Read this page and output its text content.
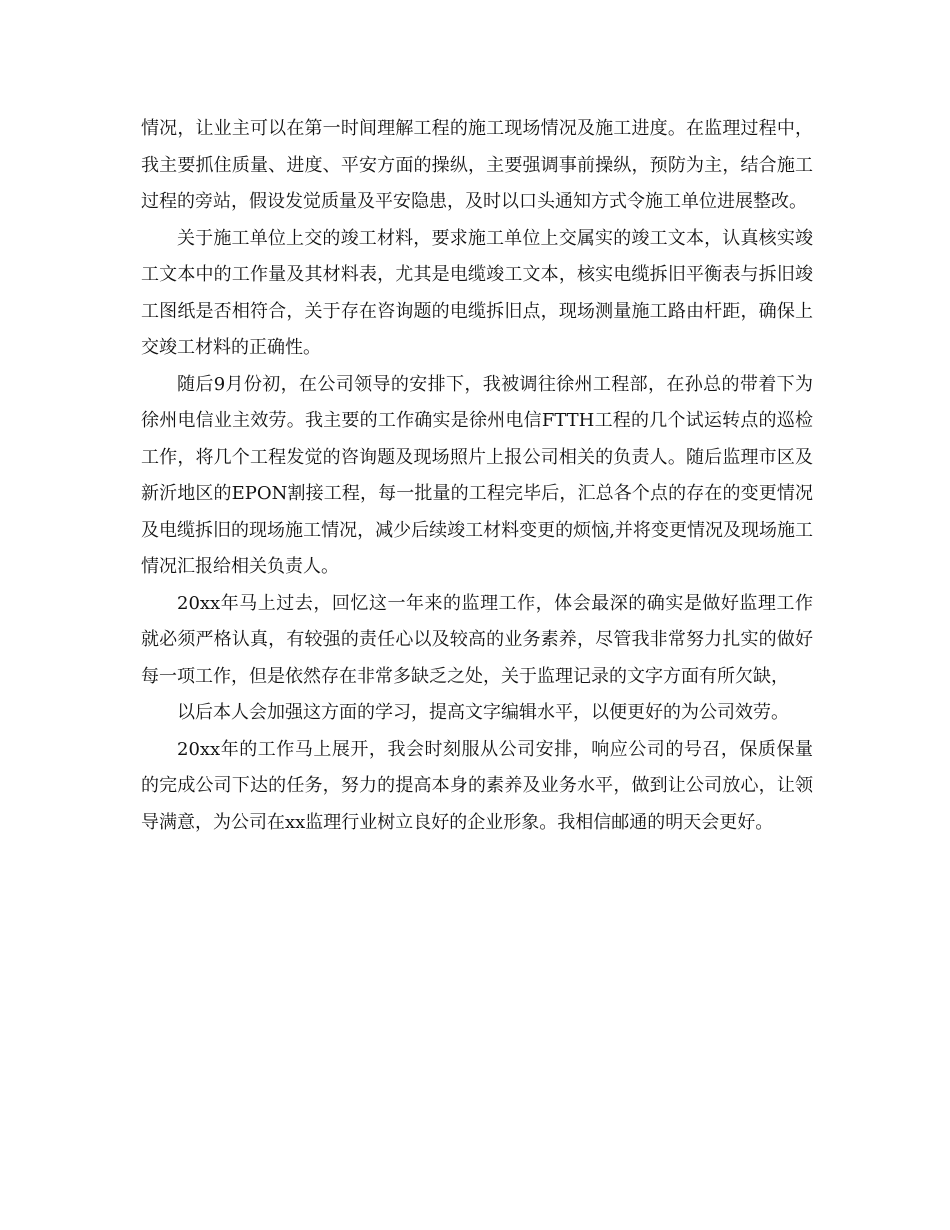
情况，让业主可以在第一时间理解工程的施工现场情况及施工进度。在监理过程中，我主要抓住质量、进度、平安方面的操纵，主要强调事前操纵，预防为主，结合施工过程的旁站，假设发觉质量及平安隐患，及时以口头通知方式令施工单位进展整改。

关于施工单位上交的竣工材料，要求施工单位上交属实的竣工文本，认真核实竣工文本中的工作量及其材料表，尤其是电缆竣工文本，核实电缆拆旧平衡表与拆旧竣工图纸是否相符合，关于存在咨询题的电缆拆旧点，现场测量施工路由杆距，确保上交竣工材料的正确性。

随后9月份初，在公司领导的安排下，我被调往徐州工程部，在孙总的带着下为徐州电信业主效劳。我主要的工作确实是徐州电信FTTH工程的几个试运转点的巡检工作，将几个工程发觉的咨询题及现场照片上报公司相关的负责人。随后监理市区及新沂地区的EPON割接工程，每一批量的工程完毕后，汇总各个点的存在的变更情况及电缆拆旧的现场施工情况，减少后续竣工材料变更的烦恼,并将变更情况及现场施工情况汇报给相关负责人。

20xx年马上过去，回忆这一年来的监理工作，体会最深的确实是做好监理工作就必须严格认真，有较强的责任心以及较高的业务素养，尽管我非常努力扎实的做好每一项工作，但是依然存在非常多缺乏之处，关于监理记录的文字方面有所欠缺，

以后本人会加强这方面的学习，提高文字编辑水平，以便更好的为公司效劳。

20xx年的工作马上展开，我会时刻服从公司安排，响应公司的号召，保质保量的完成公司下达的任务，努力的提高本身的素养及业务水平，做到让公司放心，让领导满意，为公司在xx监理行业树立良好的企业形象。我相信邮通的明天会更好。
